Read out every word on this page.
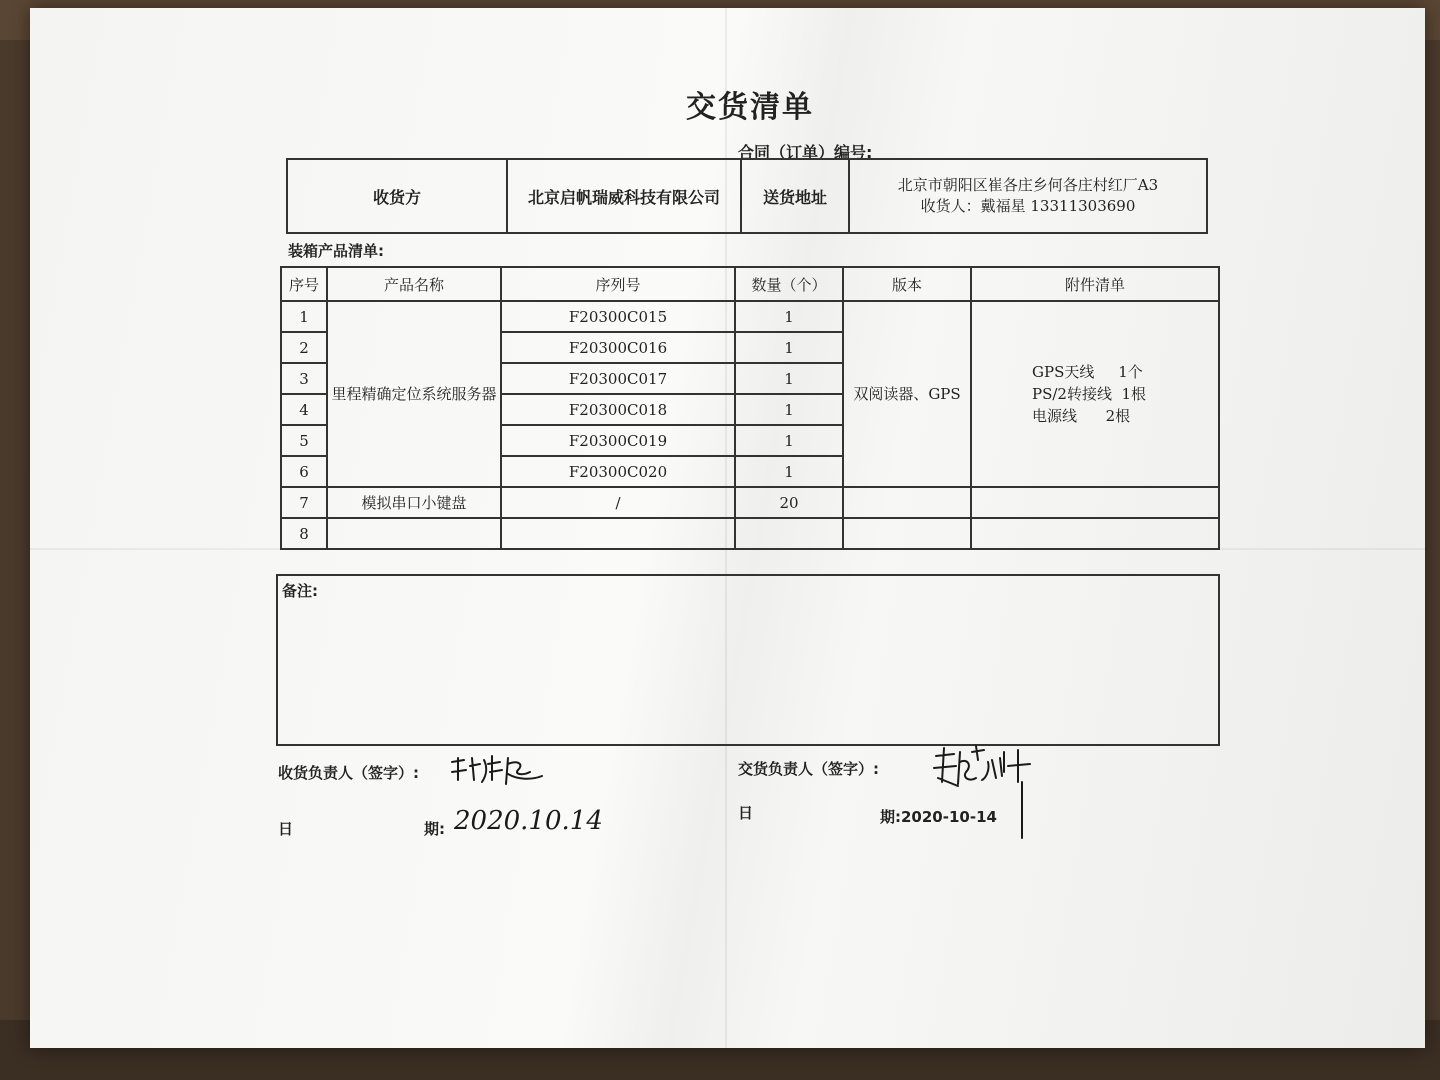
交货清单
合同（订单）编号:
收货方	北京启帆瑞威科技有限公司	送货地址	
北京市朝阳区崔各庄乡何各庄村红厂A3
收货人：戴福星 13311303690
装箱产品清单:
序号	产品名称	序列号	数量（个）	版本	附件清单
1	里程精确定位系统服务器	F20300C015	1	双阅读器、GPS	GPS天线     1个
PS/2转接线  1根
电源线      2根

2		F20300C016	1		
3		F20300C017	1		
4		F20300C018	1		
5		F20300C019	1		
6		F20300C020	1		
7	模拟串口小键盘	/	20		
8					
备注:
收货负责人（签字）:	交货负责人（签字）:
日	期: 2020.10.14	日	期:2020-10-14
